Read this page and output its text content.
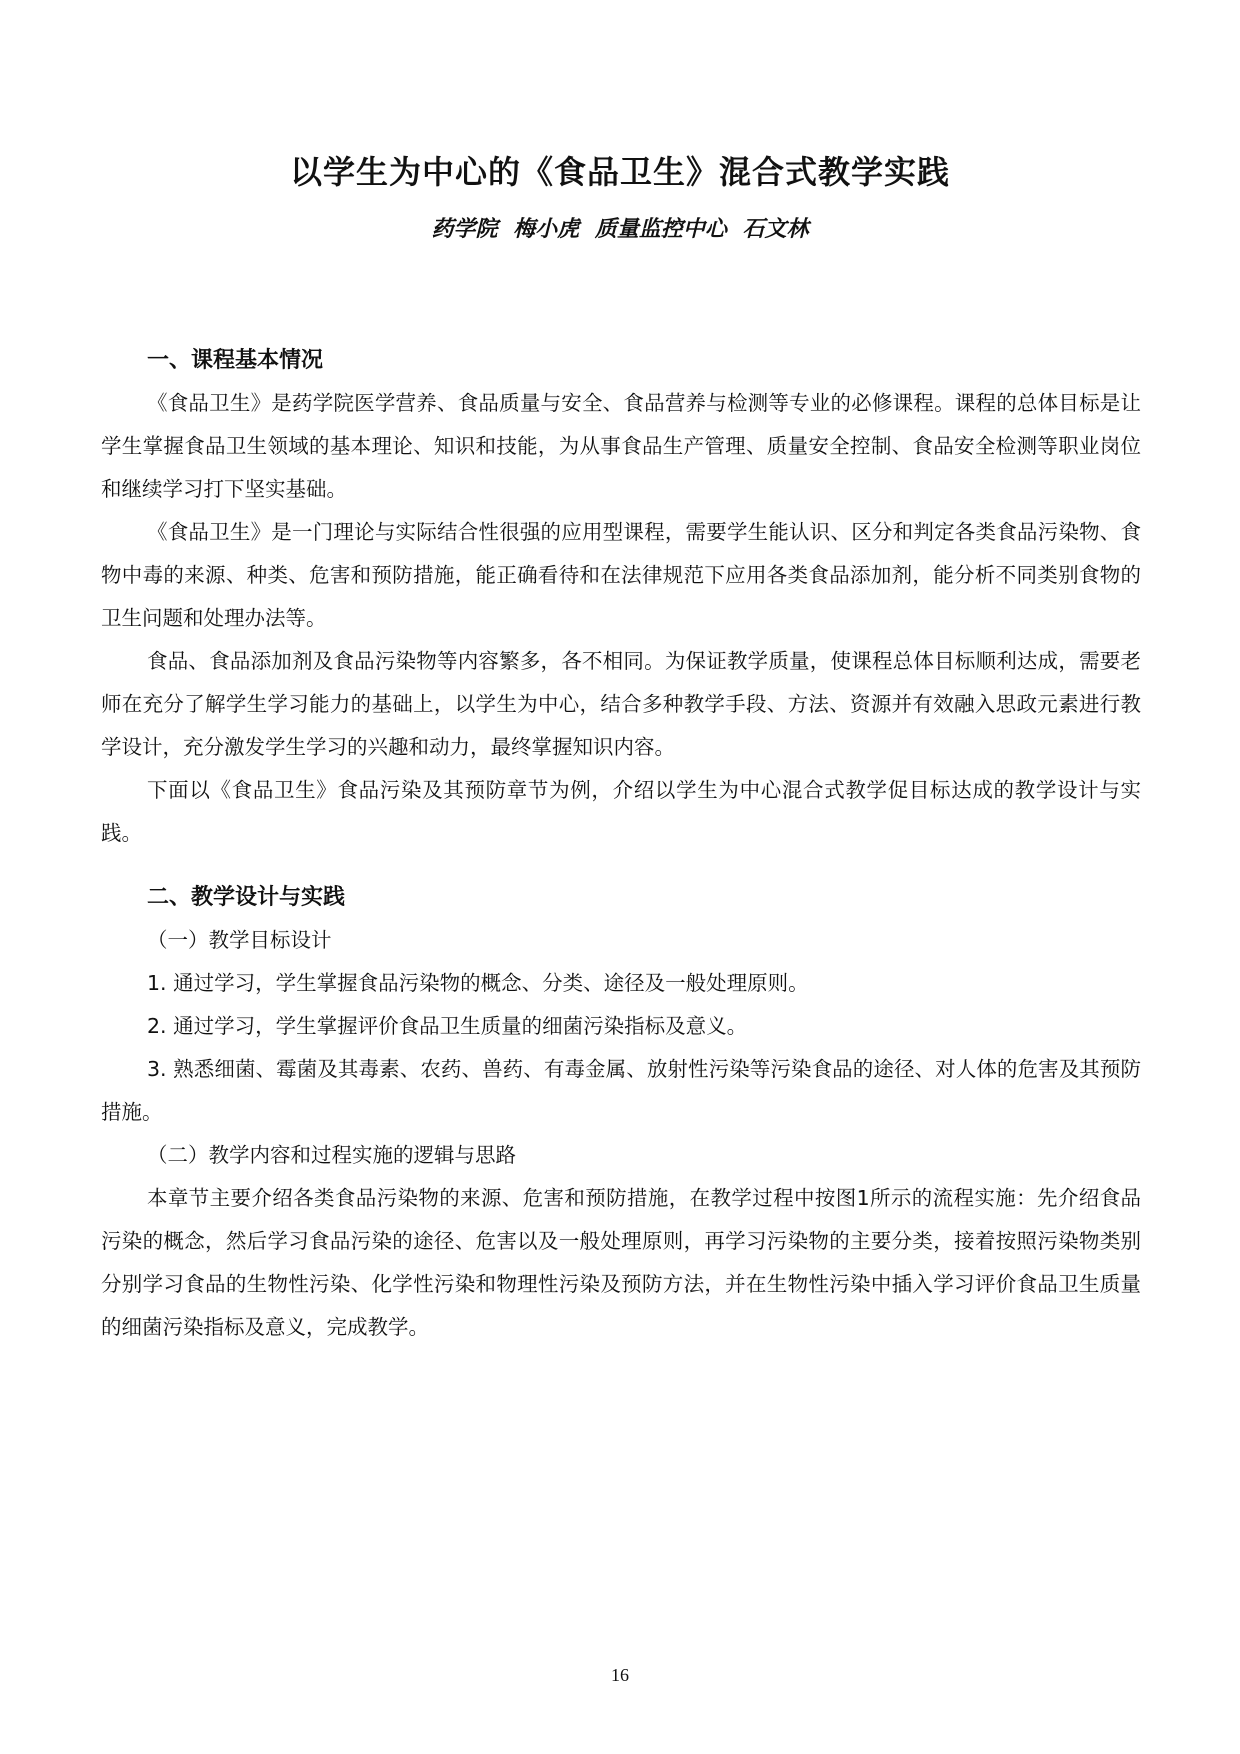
以学生为中心的《食品卫生》混合式教学实践
药学院 梅小虎 质量监控中心 石文林
一、课程基本情况

《食品卫生》是药学院医学营养、食品质量与安全、食品营养与检测等专业的必修课程。课程的总体目标是让学生掌握食品卫生领域的基本理论、知识和技能，为从事食品生产管理、质量安全控制、食品安全检测等职业岗位和继续学习打下坚实基础。

《食品卫生》是一门理论与实际结合性很强的应用型课程，需要学生能认识、区分和判定各类食品污染物、食物中毒的来源、种类、危害和预防措施，能正确看待和在法律规范下应用各类食品添加剂，能分析不同类别食物的卫生问题和处理办法等。

食品、食品添加剂及食品污染物等内容繁多，各不相同。为保证教学质量，使课程总体目标顺利达成，需要老师在充分了解学生学习能力的基础上，以学生为中心，结合多种教学手段、方法、资源并有效融入思政元素进行教学设计，充分激发学生学习的兴趣和动力，最终掌握知识内容。

下面以《食品卫生》食品污染及其预防章节为例，介绍以学生为中心混合式教学促目标达成的教学设计与实践。

二、教学设计与实践
（一）教学目标设计

1. 通过学习，学生掌握食品污染物的概念、分类、途径及一般处理原则。

2. 通过学习，学生掌握评价食品卫生质量的细菌污染指标及意义。

3. 熟悉细菌、霉菌及其毒素、农药、兽药、有毒金属、放射性污染等污染食品的途径、对人体的危害及其预防措施。

（二）教学内容和过程实施的逻辑与思路

本章节主要介绍各类食品污染物的来源、危害和预防措施，在教学过程中按图1所示的流程实施：先介绍食品污染的概念，然后学习食品污染的途径、危害以及一般处理原则，再学习污染物的主要分类，接着按照污染物类别分别学习食品的生物性污染、化学性污染和物理性污染及预防方法，并在生物性污染中插入学习评价食品卫生质量的细菌污染指标及意义，完成教学。

16
